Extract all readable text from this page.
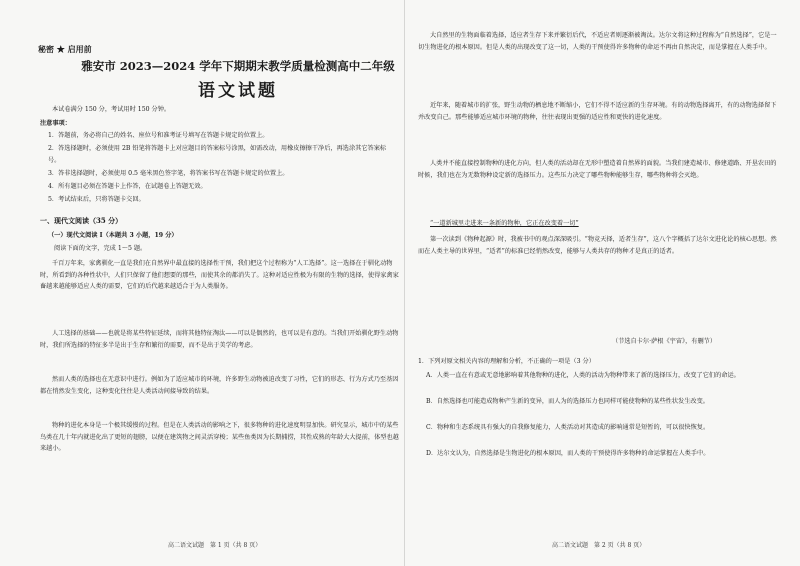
秘密 ★ 启用前
雅安市 2023—2024 学年下期期末教学质量检测高中二年级
语文试题
本试卷满分 150 分，考试用时 150 分钟。
注意事项：
1．答题前，务必将自己的姓名、座位号和准考证号填写在答题卡规定的位置上。
2．答选择题时，必须使用 2B 铅笔将答题卡上对应题目的答案标号涂黑，如需改动，用橡皮擦擦干净后，再选涂其它答案标号。
3．答非选择题时，必须使用 0.5 毫米黑色签字笔，将答案书写在答题卡规定的位置上。
4．所有题目必须在答题卡上作答，在试题卷上答题无效。
5．考试结束后，只将答题卡交回。
一、现代文阅读（35 分）
（一）现代文阅读 I（本题共 3 小题，19 分）
阅读下面的文字，完成 1～5 题。
千百万年来，家禽驯化一直是我们在自然界中最直接的选择性干预，我们把这个过程称为“人工选择”。这一选择在于驯化动物时，所看到的各种性状中，人们只保留了他们想要的那些，而使其余的都消失了。这种对适应性极为有限的生物的选择，使得家禽家畜越来越能够适应人类的需要，它们的后代越来越适合于为人类服务。
人工选择的基础——也就是将某些特征延续，而将其他特征淘汰——可以是偶然的，也可以是有意的。当我们开始驯化野生动物时，我们所选择的特征多半是出于生存和繁衍的需要，而不是出于美学的考虑。
然而人类的选择也在无意识中进行。例如为了适应城市的环境，许多野生动物被迫改变了习性，它们的形态、行为方式乃至基因都在悄然发生变化，这种变化往往是人类活动间接导致的结果。
物种的进化本身是一个极其缓慢的过程。但是在人类活动的影响之下，很多物种的进化速度明显加快。研究显示，城市中的某些鸟类在几十年内就进化出了更短的翅膀，以便在建筑物之间灵活穿梭；某些鱼类因为长期捕捞，其性成熟的年龄大大提前，体型也越来越小。
高二语文试题　第 1 页（共 8 页）
大自然里的生物面临着选择，适应者生存下来并繁衍后代，不适应者则逐渐被淘汰。达尔文将这种过程称为“自然选择”，它是一切生物进化的根本原因。但是人类的出现改变了这一切，人类的干预使得许多物种的命运不再由自然决定，而是掌握在人类手中。
近年来，随着城市的扩张，野生动物的栖息地不断缩小，它们不得不适应新的生存环境。有的动物选择离开，有的动物选择留下并改变自己。那些能够适应城市环境的物种，往往表现出更强的适应性和更快的进化速度。
人类并不能直接控制物种的进化方向，但人类的活动却在无形中塑造着自然界的面貌。当我们建造城市、修建道路、开垦农田的时候，我们也在为无数物种设定新的选择压力。这些压力决定了哪些物种能够生存，哪些物种将会灭绝。
“一道新城里走进来一条新的物种，它正在改变着一切”
第一次读到《物种起源》时，我被书中的观点深深吸引。“物竞天择，适者生存”，这八个字概括了达尔文进化论的核心思想。然而在人类主导的世界里，“适者”的标准已经悄然改变，能够与人类共存的物种才是真正的适者。
（节选自卡尔·萨根《宇宙》，有删节）
1．下列对原文相关内容的理解和分析，不正确的一项是（3 分）
A．人类一直在有意或无意地影响着其他物种的进化，人类的活动为物种带来了新的选择压力，改变了它们的命运。
B．自然选择也可能造成物种产生新的变异，而人为的选择压力也同样可能使物种的某些性状发生改变。
C．物种和生态系统具有强大的自我修复能力，人类活动对其造成的影响通常是短暂的，可以很快恢复。
D．达尔文认为，自然选择是生物进化的根本原因，而人类的干预使得许多物种的命运掌握在人类手中。
高二语文试题　第 2 页（共 8 页）
